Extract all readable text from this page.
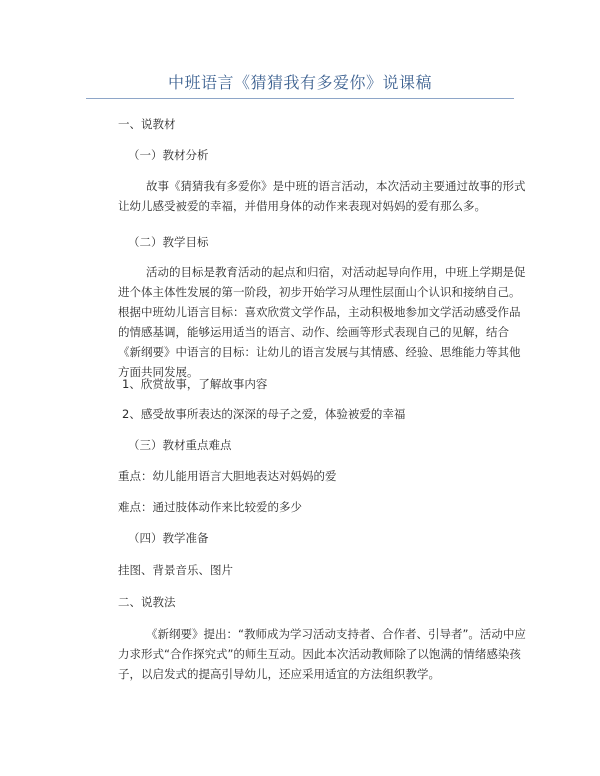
中班语言《猜猜我有多爱你》说课稿
一、说教材
（一）教材分析
故事《猜猜我有多爱你》是中班的语言活动，本次活动主要通过故事的形式让幼儿感受被爱的幸福，并借用身体的动作来表现对妈妈的爱有那么多。
（二）教学目标
活动的目标是教育活动的起点和归宿，对活动起导向作用，中班上学期是促进个体主体性发展的第一阶段，初步开始学习从理性层面山个认识和接纳自己。根据中班幼儿语言目标：喜欢欣赏文学作品，主动积极地参加文学活动感受作品的情感基调，能够运用适当的语言、动作、绘画等形式表现自己的见解，结合《新纲要》中语言的目标：让幼儿的语言发展与其情感、经验、思维能力等其他方面共同发展。
1、欣赏故事，了解故事内容
2、感受故事所表达的深深的母子之爱，体验被爱的幸福
（三）教材重点难点
重点：幼儿能用语言大胆地表达对妈妈的爱
难点：通过肢体动作来比较爱的多少
（四）教学准备
挂图、背景音乐、图片
二、说教法
《新纲要》提出：“教师成为学习活动支持者、合作者、引导者”。活动中应力求形式“合作探究式”的师生互动。因此本次活动教师除了以饱满的情绪感染孩子，以启发式的提高引导幼儿，还应采用适宜的方法组织教学。
